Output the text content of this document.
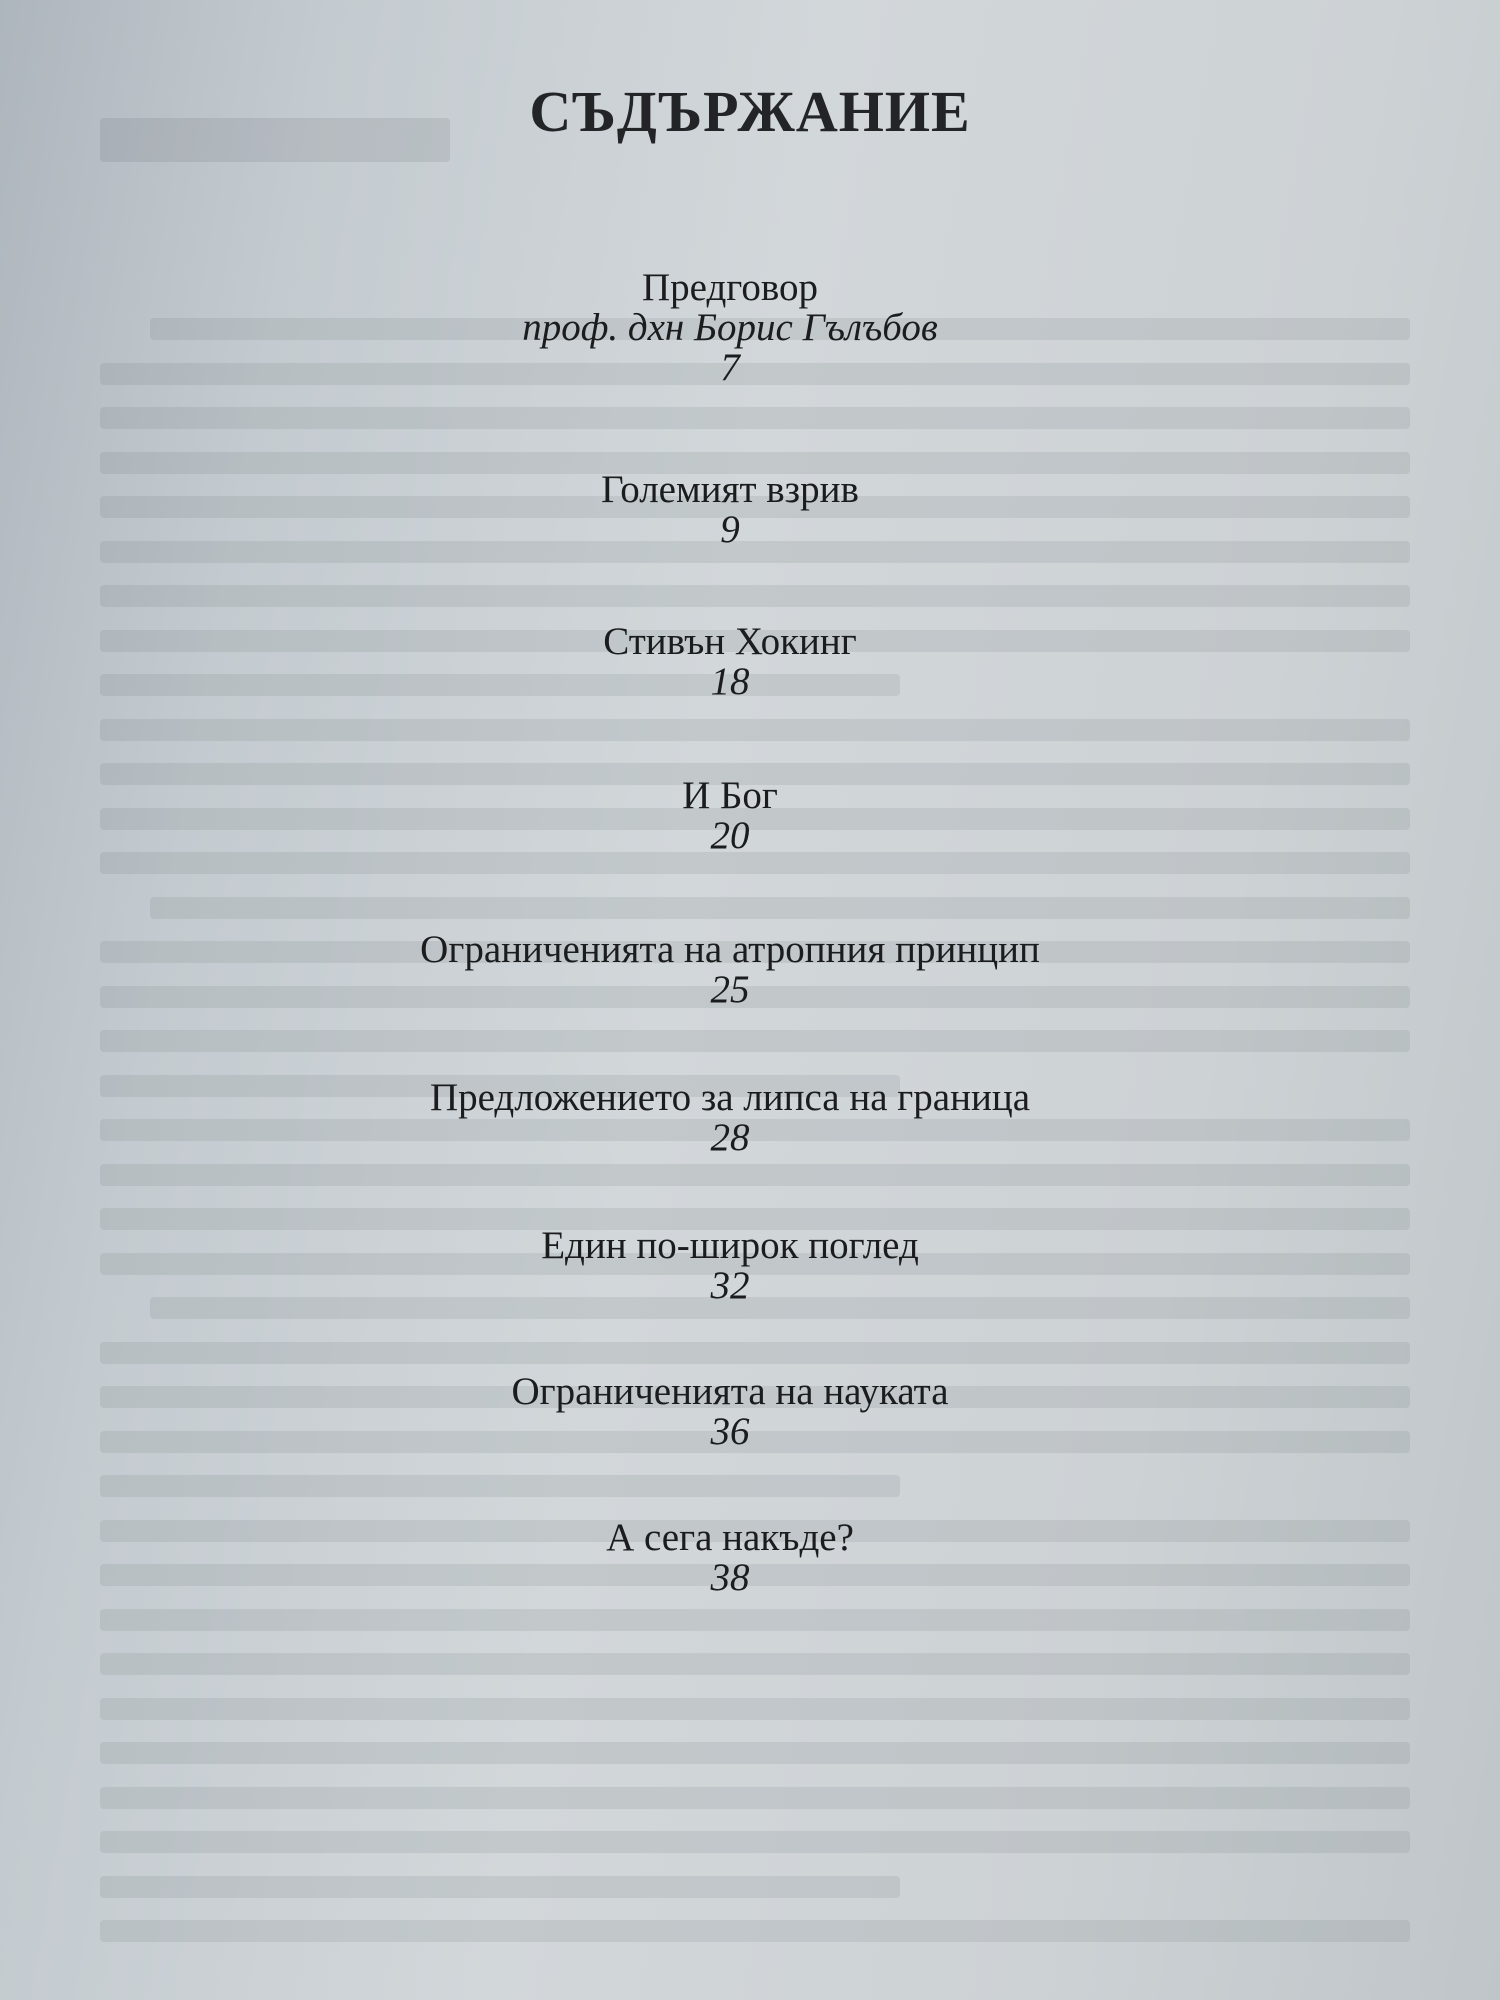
СЪДЪРЖАНИЕ
Предговор
проф. дхн Борис Гълъбов
7
Големият взрив
9
Стивън Хокинг
18
И Бог
20
Ограниченията на атропния принцип
25
Предложението за липса на граница
28
Един по-широк поглед
32
Ограниченията на науката
36
А сега накъде?
38
